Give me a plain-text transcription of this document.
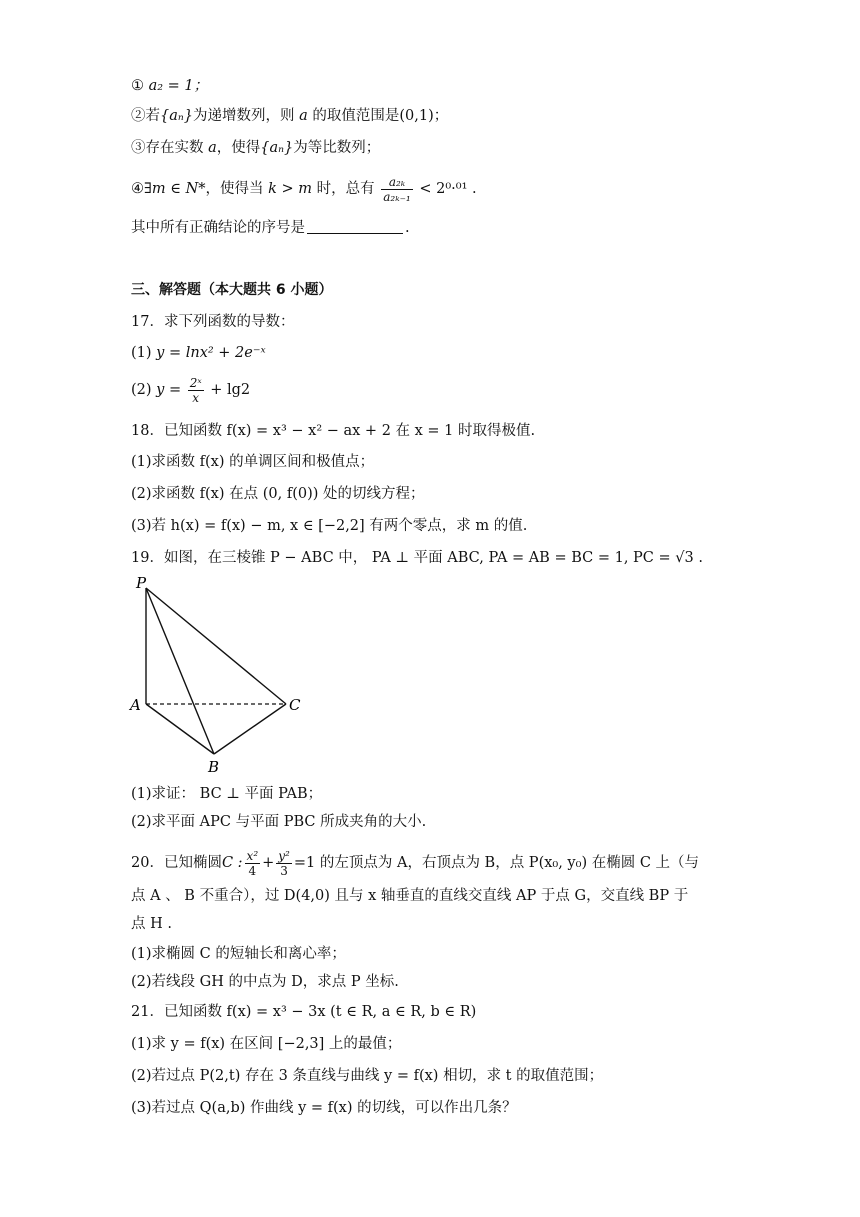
① a₂ = 1；
②若{aₙ}为递增数列，则 a 的取值范围是(0,1)；
③存在实数 a，使得{aₙ}为等比数列；
④∃m ∈ N*，使得当 k > m 时，总有 $\frac{\text{a₂ₖ}}{\text{a₂ₖ₋₁}} < 2^0\cdot^{01}$ .
其中所有正确结论的序号是	.
三、解答题（本大题共 6 小题）
17．求下列函数的导数：
(1) y = lnx² + 2e⁻ˣ
(2) $y = \frac{\text{2ˣ}}{x} + \lg 2$
18．已知函数 f(x) = x³ − x² − ax + 2 在 x = 1 时取得极值.
(1)求函数 f(x) 的单调区间和极值点；
(2)求函数 f(x) 在点 (0, f(0)) 处的切线方程；
(3)若 h(x) = f(x) − m, x ∈ [−2,2] 有两个零点，求 m 的值.
19．如图，在三棱锥 P − ABC 中， PA ⊥ 平面 ABC, PA = AB = BC = 1, PC = √3 .
P
A
B
C
(1)求证： BC ⊥ 平面 PAB；
(2)求平面 APC 与平面 PBC 所成夹角的大小.
20．已知椭圆C : $\frac{\text{x²}}{4} + \frac{\text{y²}}{3} =1$ 的左顶点为 A，右顶点为 B，点 P(x₀, y₀) 在椭圆 C 上（与
点 A 、 B 不重合），过 D(4,0) 且与 x 轴垂直的直线交直线 AP 于点 G，交直线 BP 于
点 H .
(1)求椭圆 C 的短轴长和离心率；
(2)若线段 GH 的中点为 D，求点 P 坐标.
21．已知函数 f(x) = x³ − 3x (t ∈ R, a ∈ R, b ∈ R)
(1)求 y = f(x) 在区间 [−2,3] 上的最值；
(2)若过点 P(2,t) 存在 3 条直线与曲线 y = f(x) 相切，求 t 的取值范围；
(3)若过点 Q(a,b) 作曲线 y = f(x) 的切线，可以作出几条？
